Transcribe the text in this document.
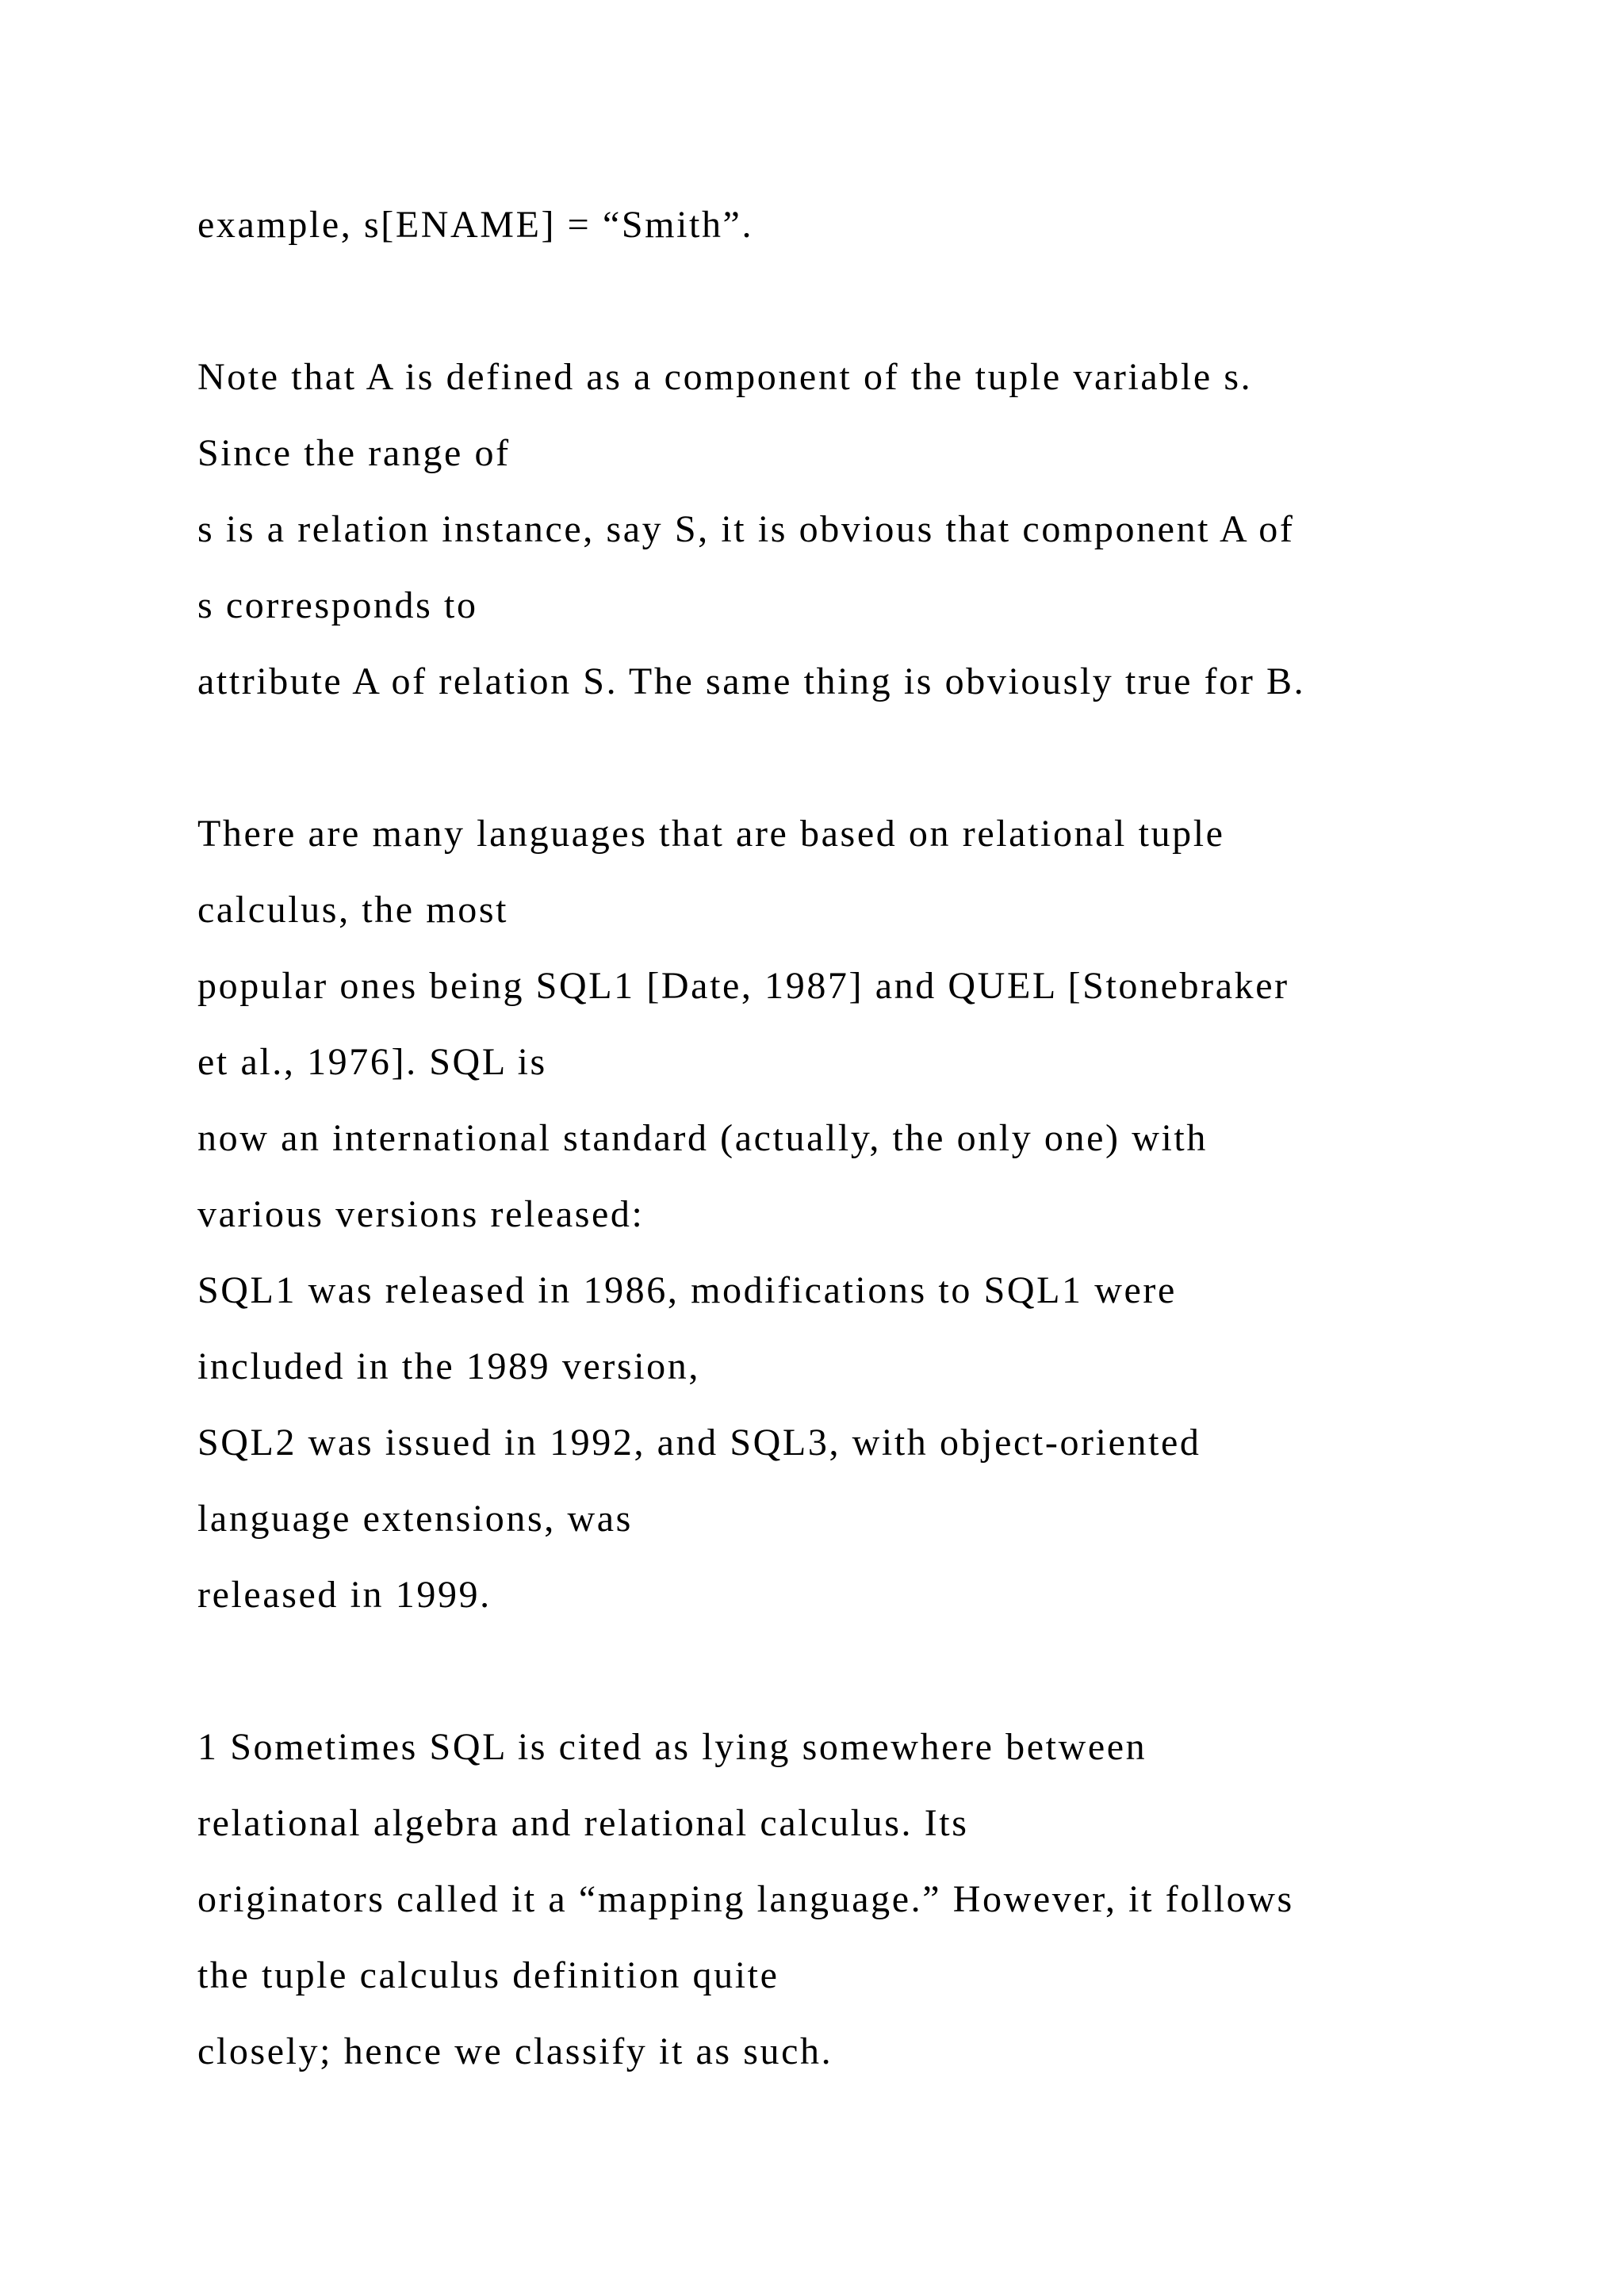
example, s[ENAME] = “Smith”.
Note that A is defined as a component of the tuple variable s.
Since the range of
s is a relation instance, say S, it is obvious that component A of
s corresponds to
attribute A of relation S. The same thing is obviously true for B.
There are many languages that are based on relational tuple
calculus, the most
popular ones being SQL1 [Date, 1987] and QUEL [Stonebraker
et al., 1976]. SQL is
now an international standard (actually, the only one) with
various versions released:
SQL1 was released in 1986, modifications to SQL1 were
included in the 1989 version,
SQL2 was issued in 1992, and SQL3, with object-oriented
language extensions, was
released in 1999.
1 Sometimes SQL is cited as lying somewhere between
relational algebra and relational calculus. Its
originators called it a “mapping language.” However, it follows
the tuple calculus definition quite
closely; hence we classify it as such.
